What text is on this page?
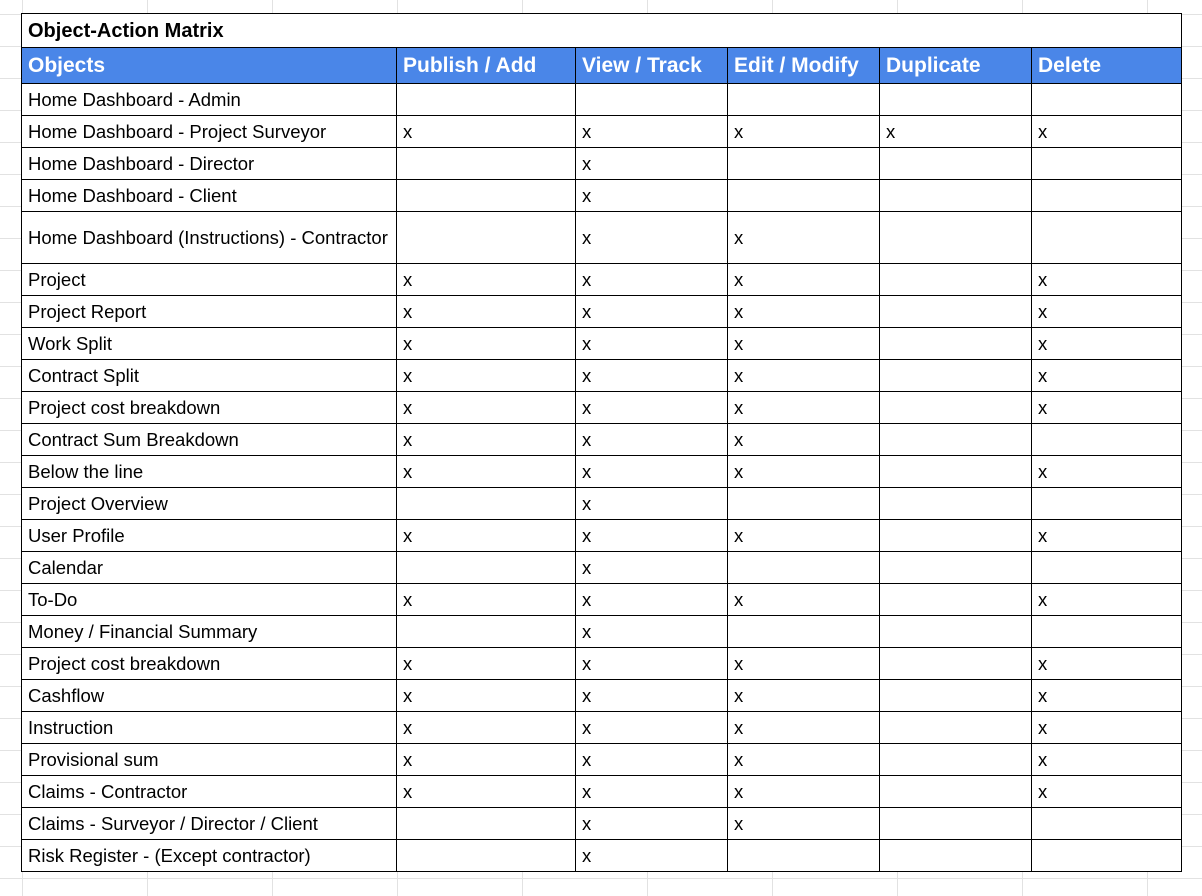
Object-Action Matrix					
Objects	Publish / Add	View / Track	Edit / Modify	Duplicate	Delete
Home Dashboard - Admin					
Home Dashboard - Project Surveyor	x	x	x	x	x
Home Dashboard - Director		x			
Home Dashboard - Client		x			
Home Dashboard (Instructions) - Contractor		x	x		
Project	x	x	x		x
Project Report	x	x	x		x
Work Split	x	x	x		x
Contract Split	x	x	x		x
Project cost breakdown	x	x	x		x
Contract Sum Breakdown	x	x	x		
Below the line	x	x	x		x
Project Overview		x			
User Profile	x	x	x		x
Calendar		x			
To-Do	x	x	x		x
Money / Financial Summary		x			
Project cost breakdown	x	x	x		x
Cashflow	x	x	x		x
Instruction	x	x	x		x
Provisional sum	x	x	x		x
Claims - Contractor	x	x	x		x
Claims - Surveyor / Director / Client		x	x		
Risk Register - (Except contractor)		x			
